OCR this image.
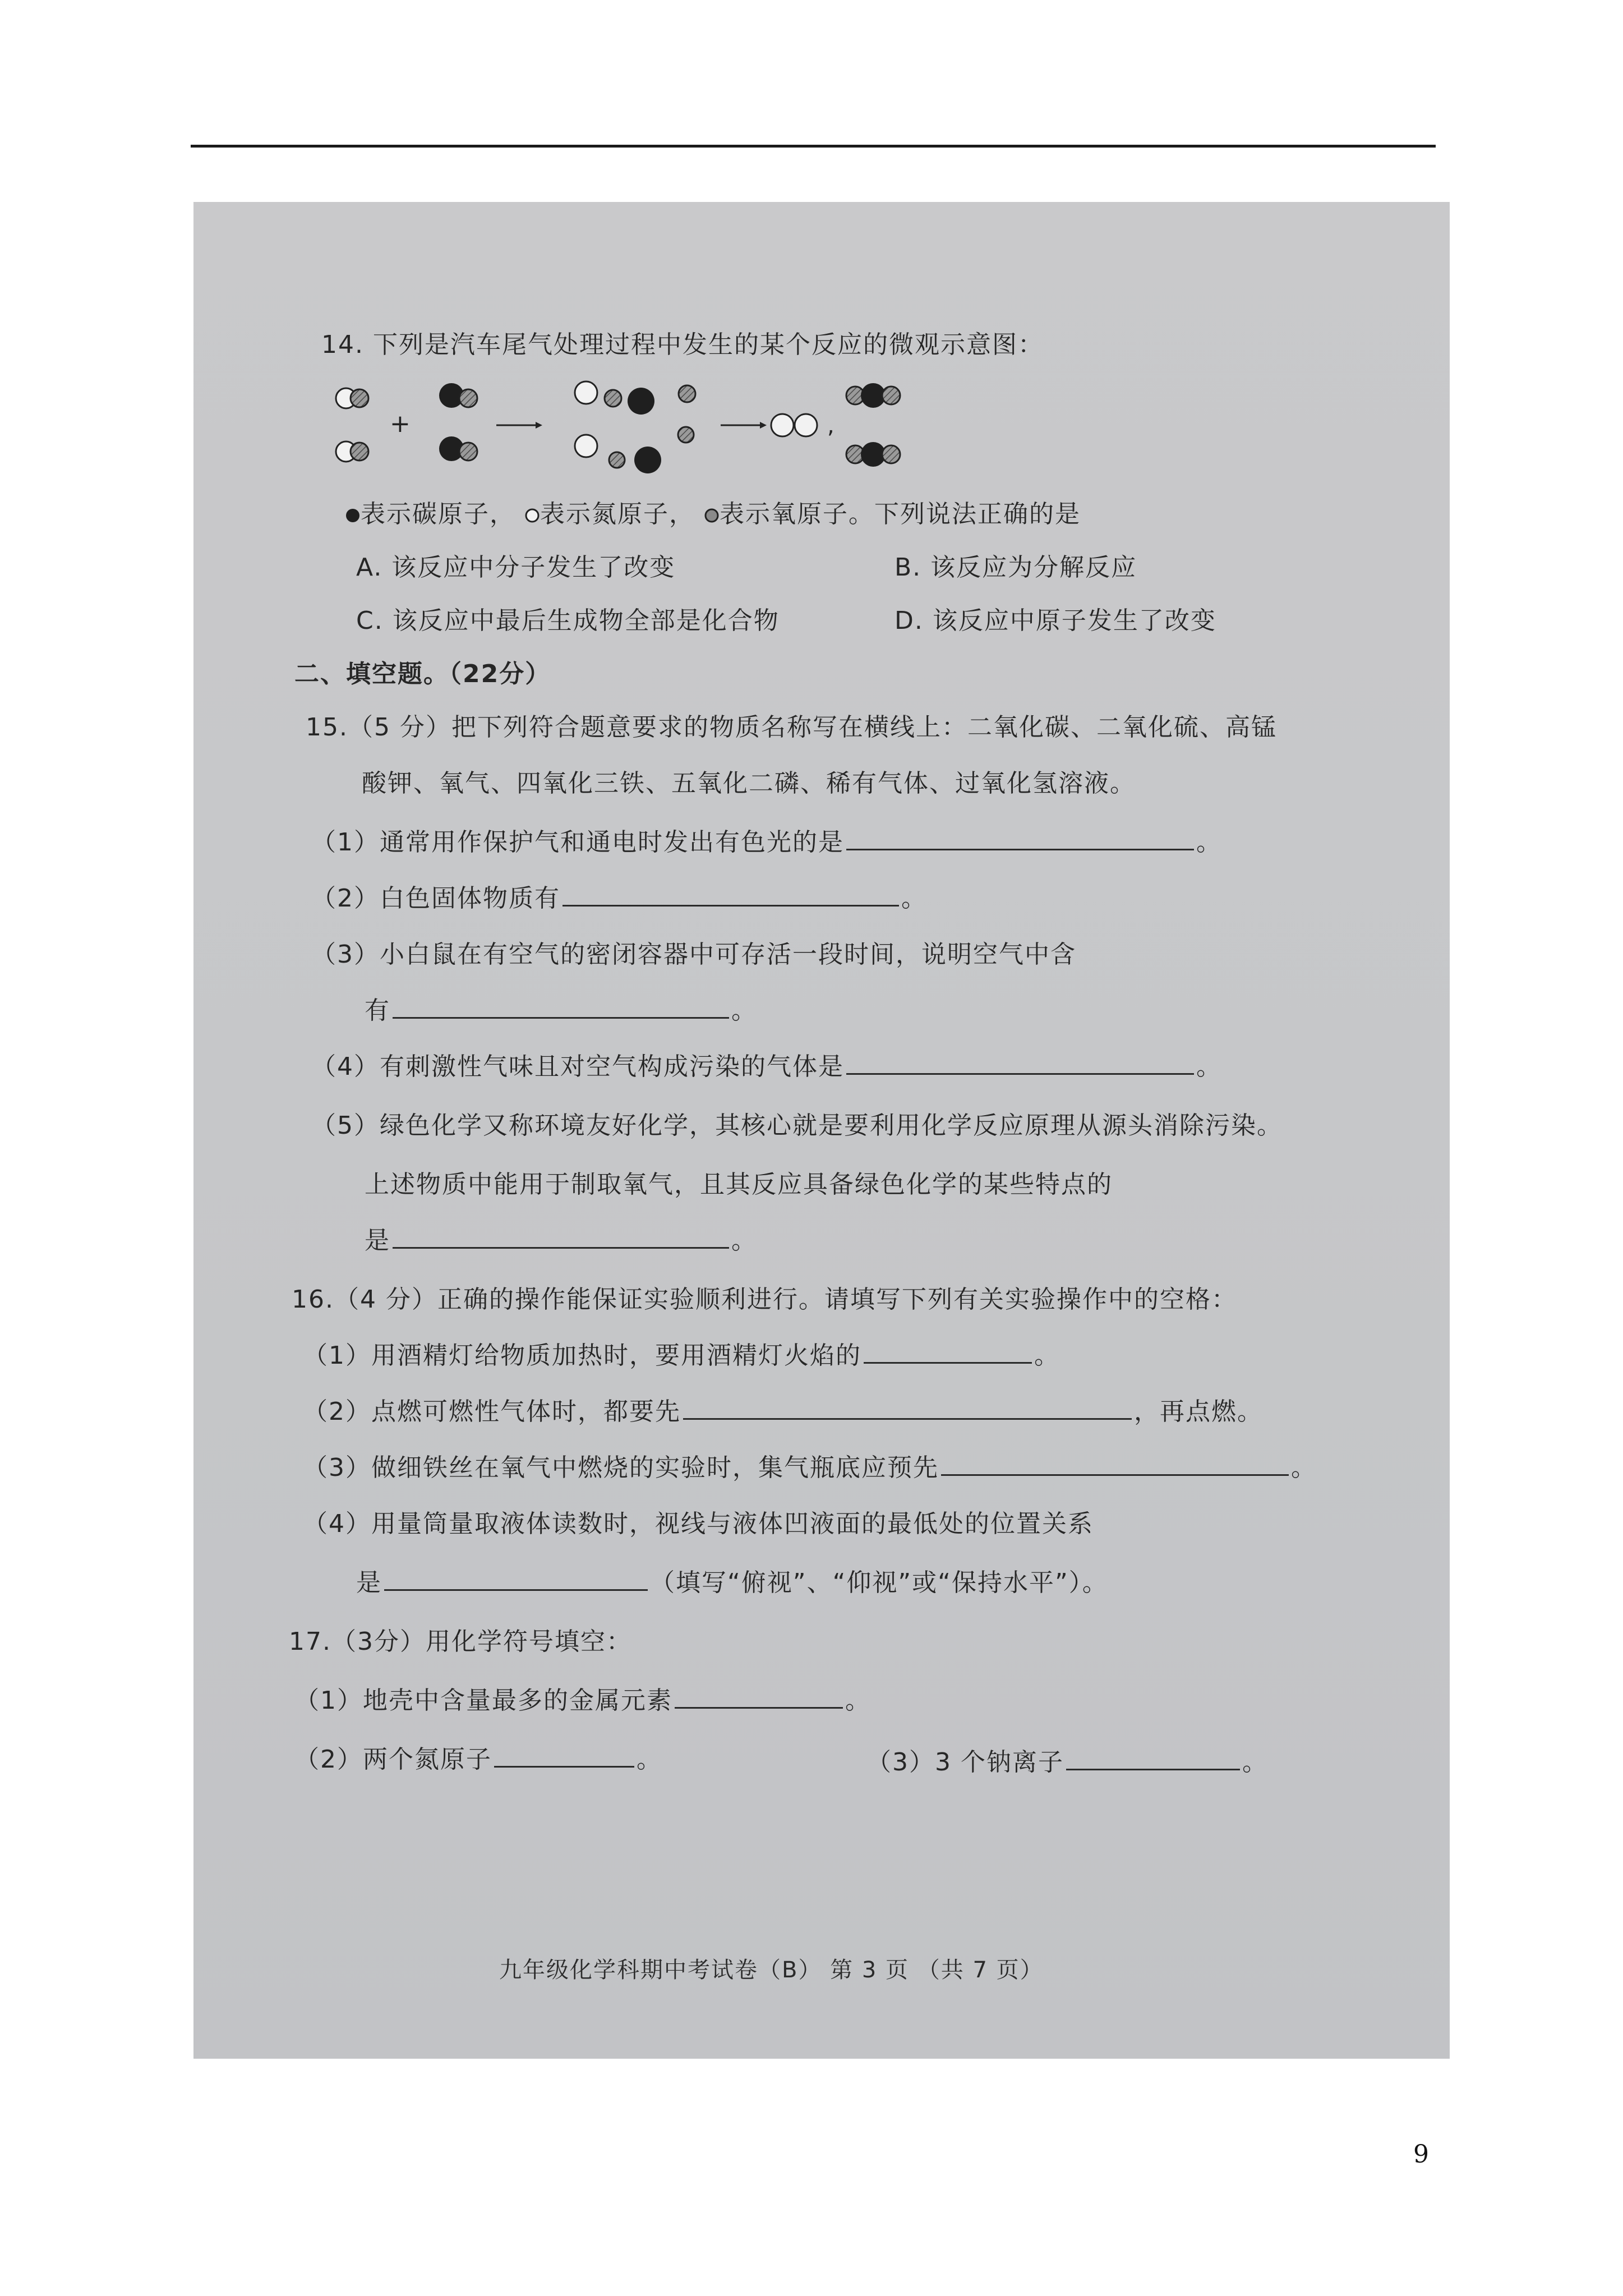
14. 下列是汽车尾气处理过程中发生的某个反应的微观示意图：
+	,
表示碳原子， 表示氮原子， 表示氧原子。下列说法正确的是
A. 该反应中分子发生了改变	B. 该反应为分解反应
C. 该反应中最后生成物全部是化合物	D. 该反应中原子发生了改变
二、填空题。（22分）
15.（5 分）把下列符合题意要求的物质名称写在横线上：二氧化碳、二氧化硫、高锰
酸钾、氧气、四氧化三铁、五氧化二磷、稀有气体、过氧化氢溶液。
（1）通常用作保护气和通电时发出有色光的是	。
（2）白色固体物质有	。
（3）小白鼠在有空气的密闭容器中可存活一段时间，说明空气中含
有	。
（4）有刺激性气味且对空气构成污染的气体是	。
（5）绿色化学又称环境友好化学，其核心就是要利用化学反应原理从源头消除污染。
上述物质中能用于制取氧气，且其反应具备绿色化学的某些特点的
是	。
16.（4 分）正确的操作能保证实验顺利进行。请填写下列有关实验操作中的空格：
（1）用酒精灯给物质加热时，要用酒精灯火焰的	。
（2）点燃可燃性气体时，都要先	，再点燃。
（3）做细铁丝在氧气中燃烧的实验时，集气瓶底应预先	。
（4）用量筒量取液体读数时，视线与液体凹液面的最低处的位置关系
是	（填写“俯视”、“仰视”或“保持水平”）。
17.（3分）用化学符号填空：
（1）地壳中含量最多的金属元素	。
（2）两个氮原子	。	（3）3 个钠离子	。
九年级化学科期中考试卷（B） 第 3 页 （共 7 页）
9
